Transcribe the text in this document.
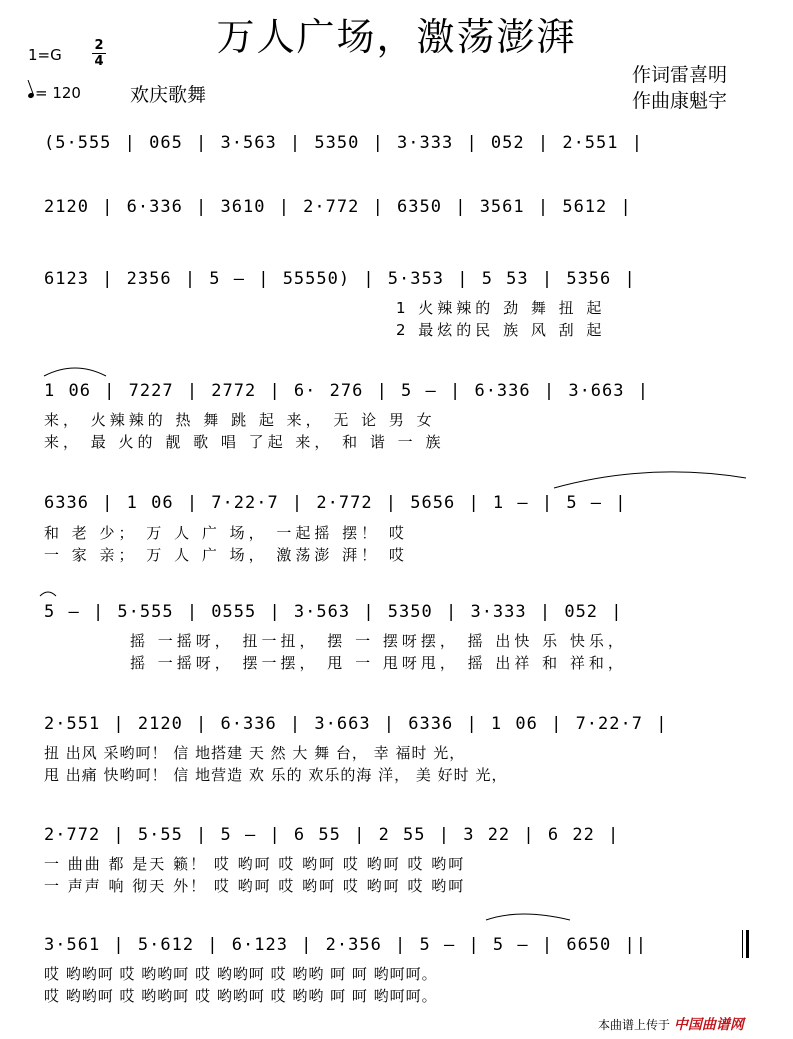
万人广场，激荡澎湃
1=G
2
4
= 120	欢庆歌舞
作词雷喜明
作曲康魁宇
(5·555 | 065 | 3·563 | 5350 | 3·333 | 052 | 2·551 |
2120 | 6·336 | 3610 | 2·772 | 6350 | 3561 | 5612 |
6123 | 2356 | 5 – | 55550) | 5·353 | 5 53 | 5356 |
1 火辣辣的 劲 舞 扭 起
2 最炫的民 族 风 刮 起
1 06 | 7227 | 2772 | 6· 276 | 5 – | 6·336 | 3·663 |
来， 火辣辣的 热 舞 跳 起 来， 无 论 男 女
来， 最 火的 靓 歌 唱 了起 来， 和 谐 一 族
6336 | 1 06 | 7·22·7 | 2·772 | 5656 | 1 – | 5 – |
和 老 少； 万 人 广 场， 一起摇 摆！ 哎
一 家 亲； 万 人 广 场， 激荡澎 湃！ 哎
5 – | 5·555 | 0555 | 3·563 | 5350 | 3·333 | 052 |
摇 一摇呀， 扭一扭， 摆 一 摆呀摆， 摇 出快 乐 快乐，
摇 一摇呀， 摆一摆， 甩 一 甩呀甩， 摇 出祥 和 祥和，
2·551 | 2120 | 6·336 | 3·663 | 6336 | 1 06 | 7·22·7 |
扭 出风 采哟呵！ 信 地搭建 天 然 大 舞 台， 幸 福时 光，
甩 出痛 快哟呵！ 信 地营造 欢 乐的 欢乐的海 洋， 美 好时 光，
2·772 | 5·55 | 5 – | 6 55 | 2 55 | 3 22 | 6 22 |
一 曲曲 都 是天 籁！ 哎 哟呵 哎 哟呵 哎 哟呵 哎 哟呵
一 声声 响 彻天 外！ 哎 哟呵 哎 哟呵 哎 哟呵 哎 哟呵
3·561 | 5·612 | 6·123 | 2·356 | 5 – | 5 – | 6650 ||
哎 哟哟呵 哎 哟哟呵 哎 哟哟呵 哎 哟哟 呵 呵 哟呵呵。
哎 哟哟呵 哎 哟哟呵 哎 哟哟呵 哎 哟哟 呵 呵 哟呵呵。
本曲谱上传于 中国曲谱网
